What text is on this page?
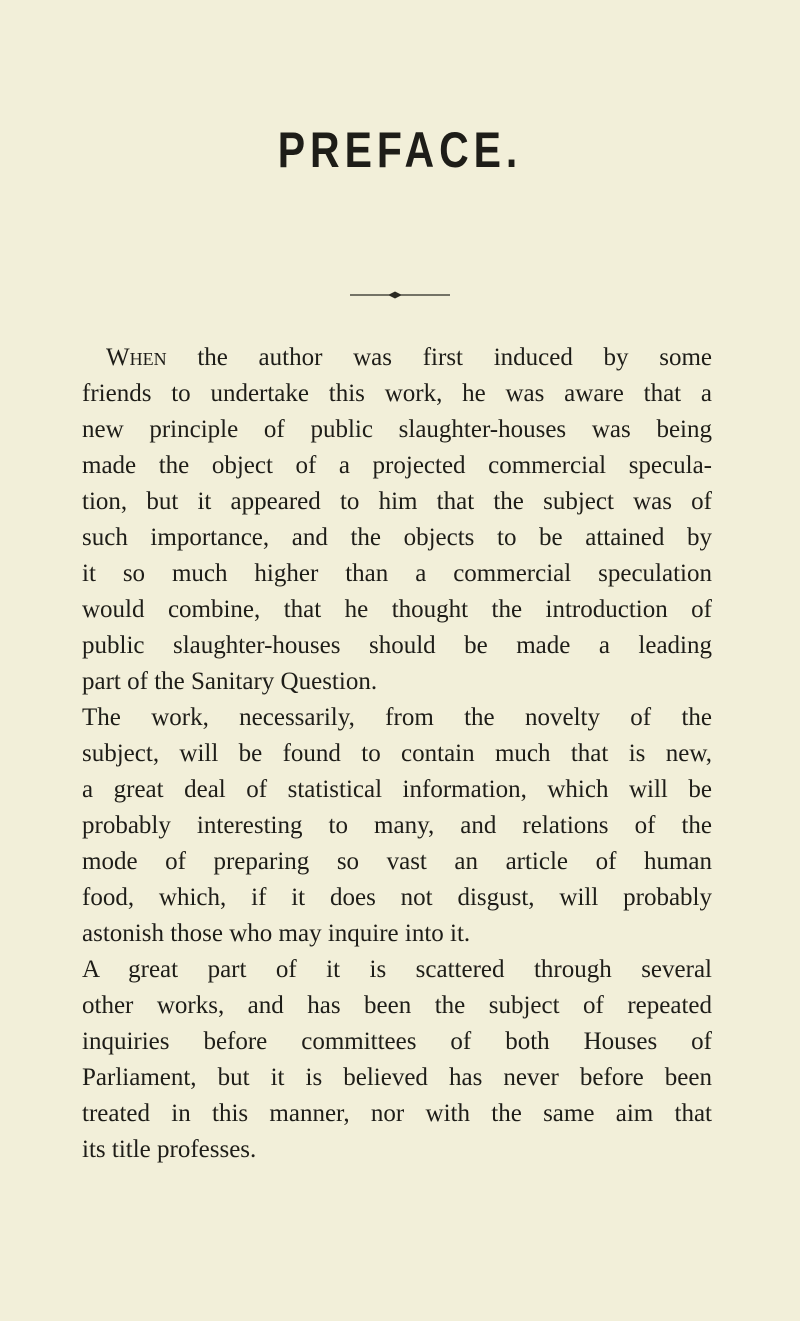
PREFACE.
When the author was first induced by some
friends to undertake this work, he was aware that a
new principle of public slaughter-houses was being
made the object of a projected commercial specula-
tion, but it appeared to him that the subject was of
such importance, and the objects to be attained by
it so much higher than a commercial speculation
would combine, that he thought the introduction of
public slaughter-houses should be made a leading
part of the Sanitary Question.
The work, necessarily, from the novelty of the
subject, will be found to contain much that is new,
a great deal of statistical information, which will be
probably interesting to many, and relations of the
mode of preparing so vast an article of human
food, which, if it does not disgust, will probably
astonish those who may inquire into it.
A great part of it is scattered through several
other works, and has been the subject of repeated
inquiries before committees of both Houses of
Parliament, but it is believed has never before been
treated in this manner, nor with the same aim that
its title professes.
